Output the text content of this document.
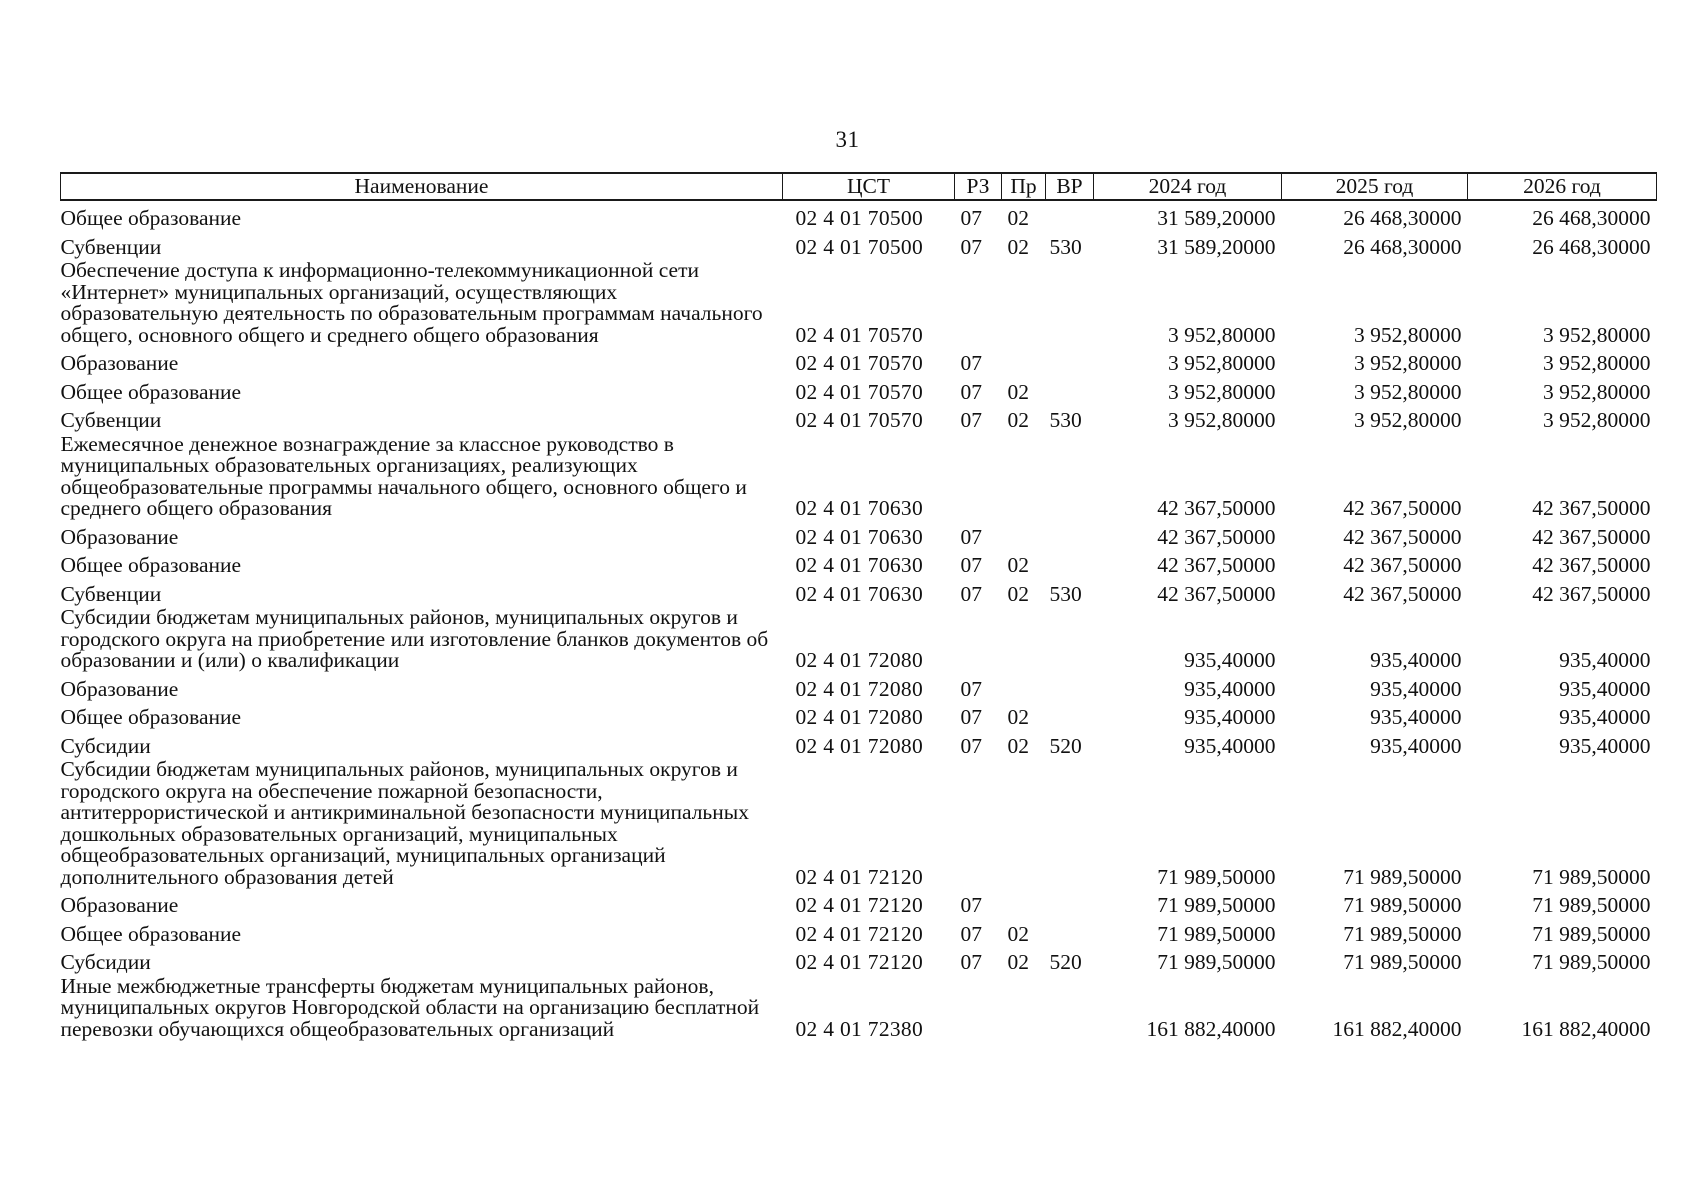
31
Наименование	ЦСТ	РЗ	Пр	ВР	2024 год	2025 год	2026 год
Общее образование	02 4 01 70500	07	02		31 589,20000	26 468,30000	26 468,30000
Субвенции	02 4 01 70500	07	02	530	31 589,20000	26 468,30000	26 468,30000
Обеспечение доступа к информационно-телекоммуникационной сети «Интернет» муниципальных организаций, осуществляющих образовательную деятельность по образовательным программам начального общего, основного общего и среднего общего образования	02 4 01 70570				3 952,80000	3 952,80000	3 952,80000
Образование	02 4 01 70570	07			3 952,80000	3 952,80000	3 952,80000
Общее образование	02 4 01 70570	07	02		3 952,80000	3 952,80000	3 952,80000
Субвенции	02 4 01 70570	07	02	530	3 952,80000	3 952,80000	3 952,80000
Ежемесячное денежное вознаграждение за классное руководство в муниципальных образовательных организациях, реализующих общеобразовательные программы начального общего, основного общего и среднего общего образования	02 4 01 70630				42 367,50000	42 367,50000	42 367,50000
Образование	02 4 01 70630	07			42 367,50000	42 367,50000	42 367,50000
Общее образование	02 4 01 70630	07	02		42 367,50000	42 367,50000	42 367,50000
Субвенции	02 4 01 70630	07	02	530	42 367,50000	42 367,50000	42 367,50000
Субсидии бюджетам муниципальных районов, муниципальных округов и городского округа на приобретение или изготовление бланков документов об образовании и (или) о квалификации	02 4 01 72080				935,40000	935,40000	935,40000
Образование	02 4 01 72080	07			935,40000	935,40000	935,40000
Общее образование	02 4 01 72080	07	02		935,40000	935,40000	935,40000
Субсидии	02 4 01 72080	07	02	520	935,40000	935,40000	935,40000
Субсидии бюджетам муниципальных районов, муниципальных округов и городского округа на обеспечение пожарной безопасности, антитеррористической и антикриминальной безопасности муниципальных дошкольных образовательных организаций, муниципальных общеобразовательных организаций, муниципальных организаций дополнительного образования детей	02 4 01 72120				71 989,50000	71 989,50000	71 989,50000
Образование	02 4 01 72120	07			71 989,50000	71 989,50000	71 989,50000
Общее образование	02 4 01 72120	07	02		71 989,50000	71 989,50000	71 989,50000
Субсидии	02 4 01 72120	07	02	520	71 989,50000	71 989,50000	71 989,50000
Иные межбюджетные трансферты бюджетам муниципальных районов, муниципальных округов Новгородской области на организацию бесплатной перевозки обучающихся общеобразовательных организаций	02 4 01 72380				161 882,40000	161 882,40000	161 882,40000
